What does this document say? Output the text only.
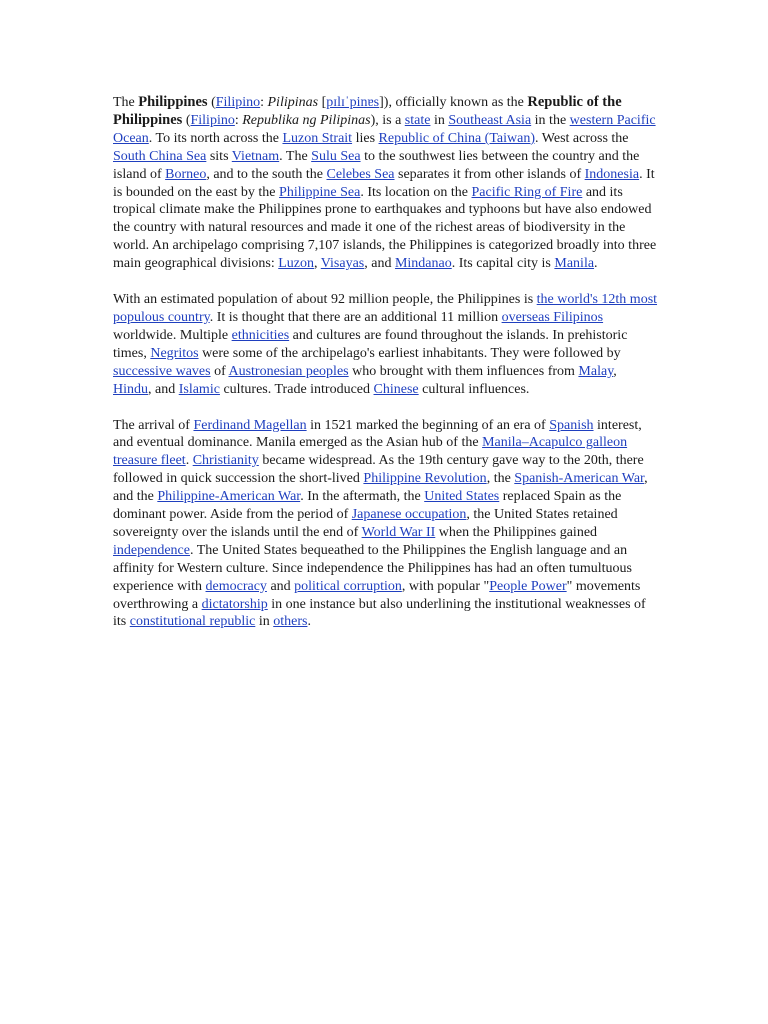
The Philippines (Filipino: Pilipinas [pɪlɪˈpinɐs]), officially known as the Republic of the Philippines (Filipino: Republika ng Pilipinas), is a state in Southeast Asia in the western Pacific Ocean. To its north across the Luzon Strait lies Republic of China (Taiwan). West across the South China Sea sits Vietnam. The Sulu Sea to the southwest lies between the country and the island of Borneo, and to the south the Celebes Sea separates it from other islands of Indonesia. It is bounded on the east by the Philippine Sea. Its location on the Pacific Ring of Fire and its tropical climate make the Philippines prone to earthquakes and typhoons but have also endowed the country with natural resources and made it one of the richest areas of biodiversity in the world. An archipelago comprising 7,107 islands, the Philippines is categorized broadly into three main geographical divisions: Luzon, Visayas, and Mindanao. Its capital city is Manila.

With an estimated population of about 92 million people, the Philippines is the world's 12th most populous country. It is thought that there are an additional 11 million overseas Filipinos worldwide. Multiple ethnicities and cultures are found throughout the islands. In prehistoric times, Negritos were some of the archipelago's earliest inhabitants. They were followed by successive waves of Austronesian peoples who brought with them influences from Malay, Hindu, and Islamic cultures. Trade introduced Chinese cultural influences.

The arrival of Ferdinand Magellan in 1521 marked the beginning of an era of Spanish interest, and eventual dominance. Manila emerged as the Asian hub of the Manila–Acapulco galleon treasure fleet. Christianity became widespread. As the 19th century gave way to the 20th, there followed in quick succession the short-lived Philippine Revolution, the Spanish-American War, and the Philippine-American War. In the aftermath, the United States replaced Spain as the dominant power. Aside from the period of Japanese occupation, the United States retained sovereignty over the islands until the end of World War II when the Philippines gained independence. The United States bequeathed to the Philippines the English language and an affinity for Western culture. Since independence the Philippines has had an often tumultuous experience with democracy and political corruption, with popular "People Power" movements overthrowing a dictatorship in one instance but also underlining the institutional weaknesses of its constitutional republic in others.
